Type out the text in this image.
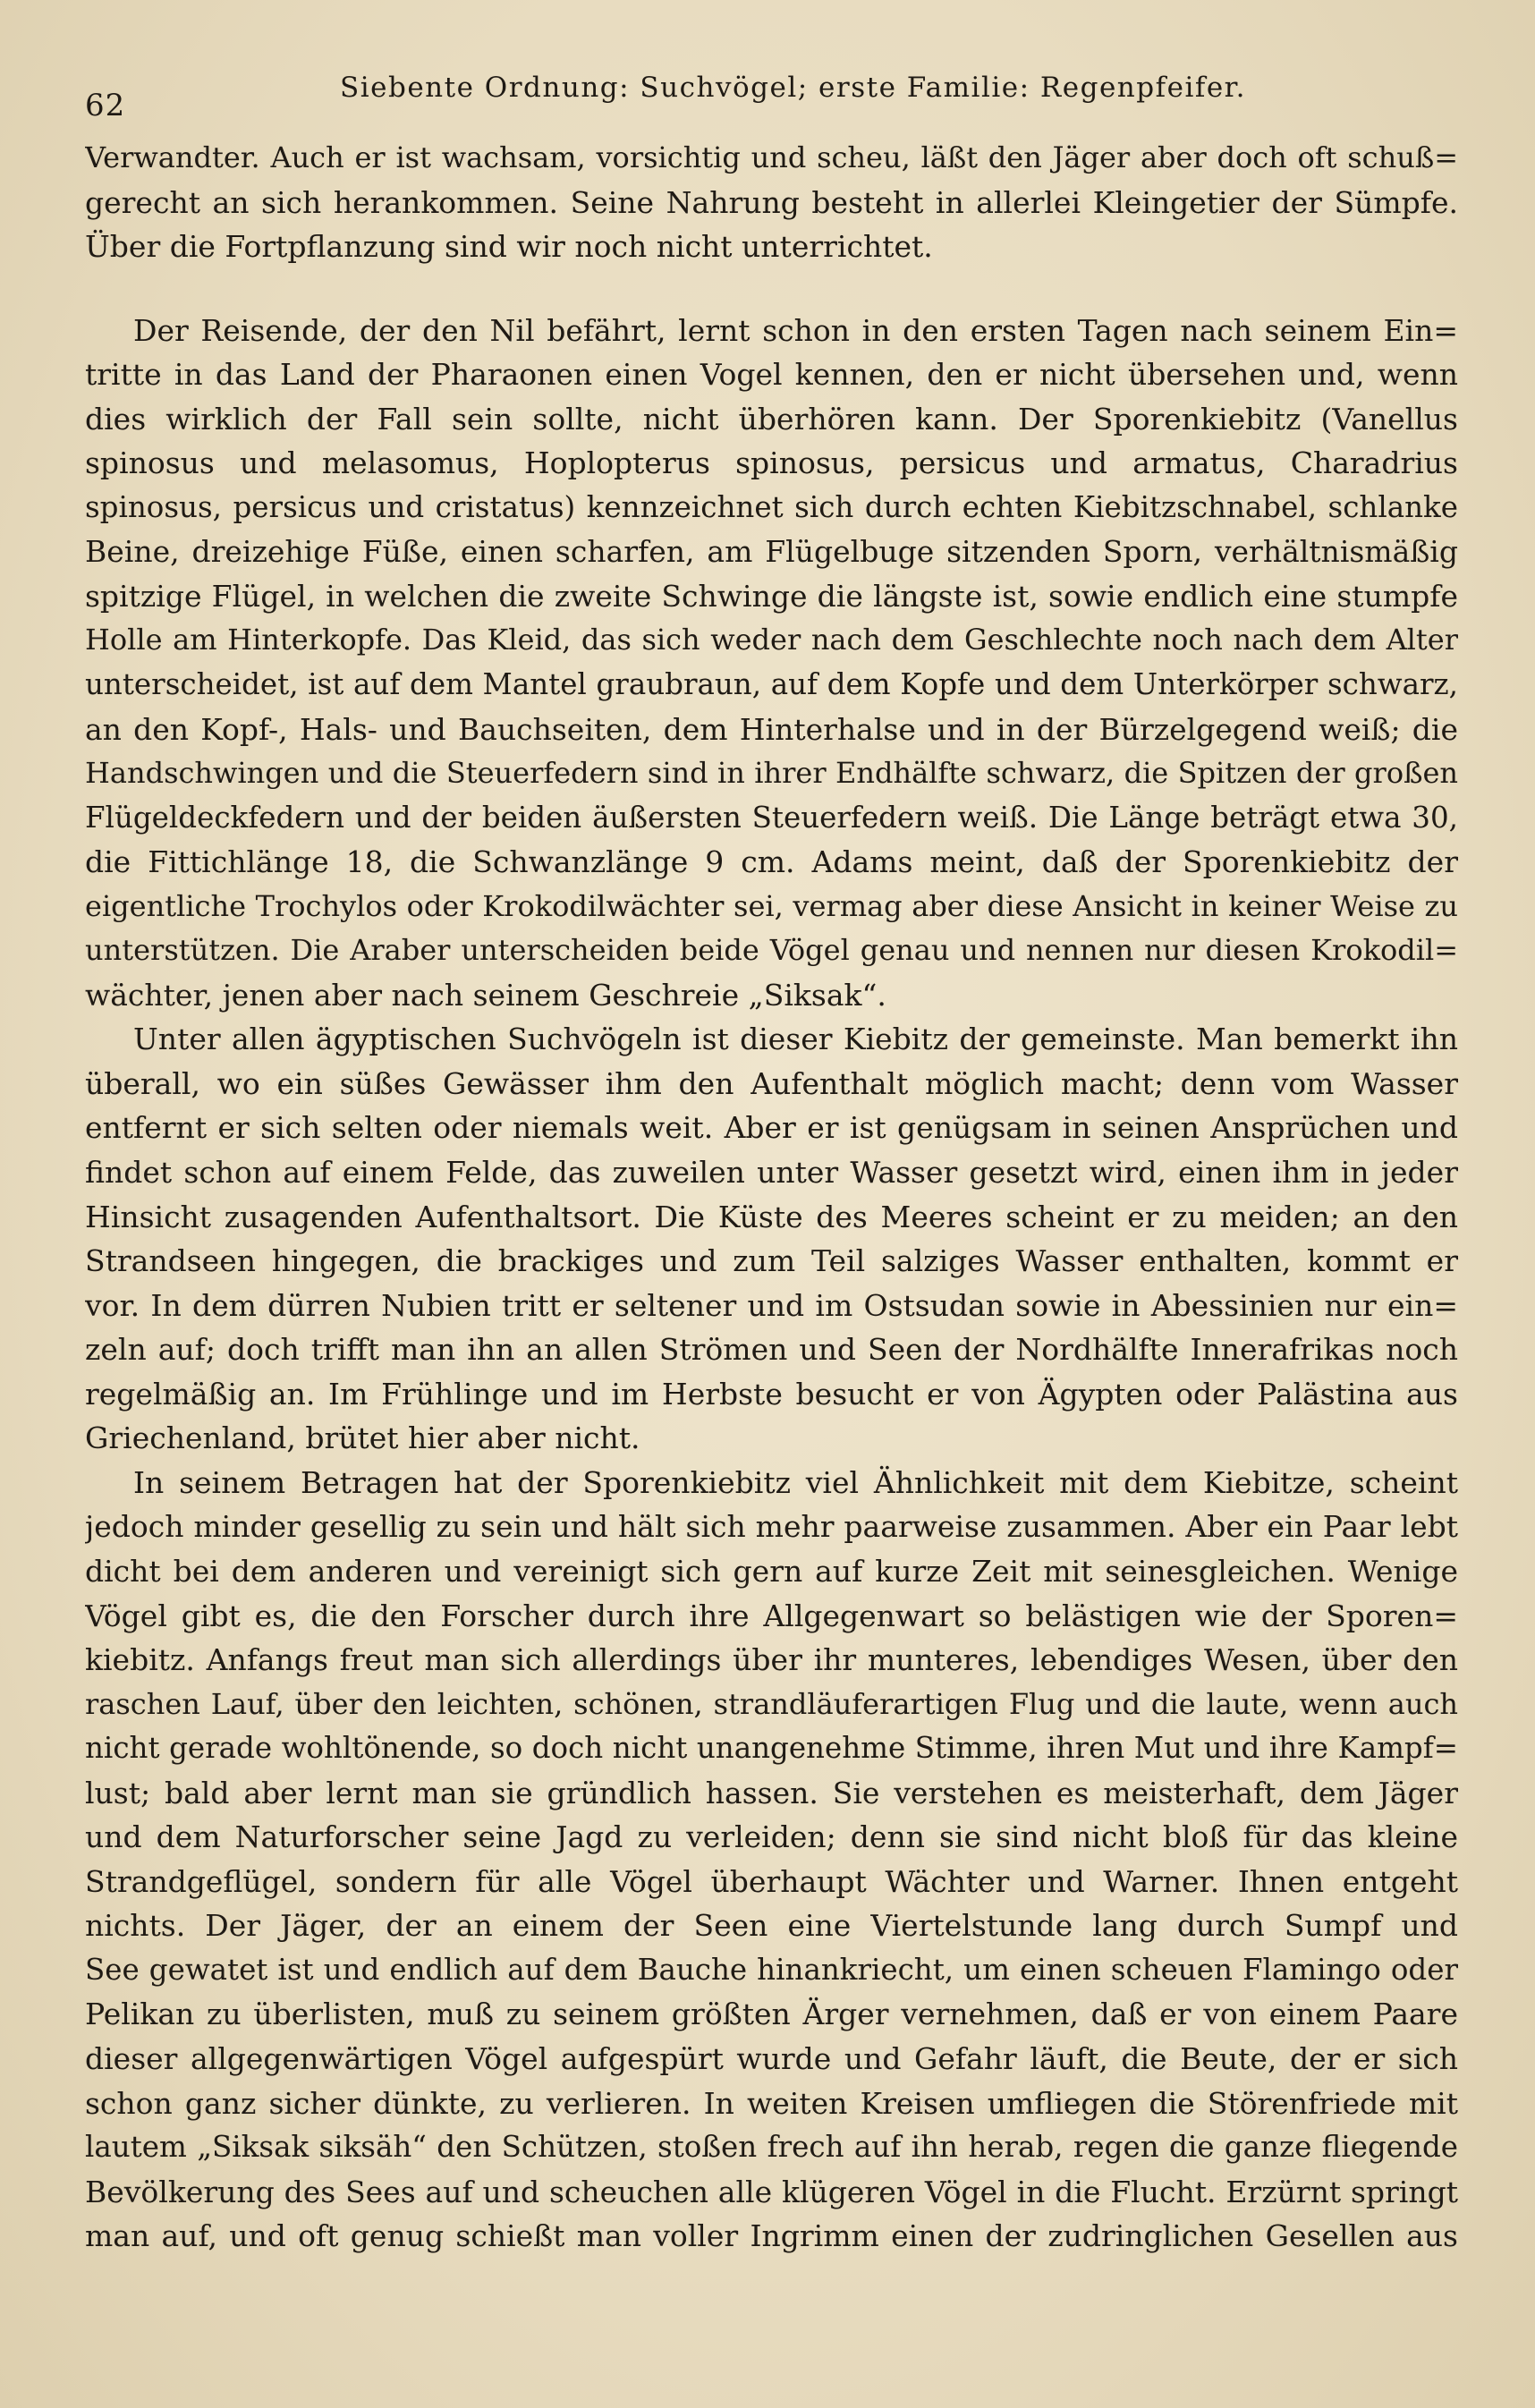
62	Siebente Ordnung: Suchvögel; erste Familie: Regenpfeifer.
Verwandter. Auch er ist wachsam, vorsichtig und scheu, läßt den Jäger aber doch oft schuß=
gerecht an sich herankommen. Seine Nahrung besteht in allerlei Kleingetier der Sümpfe.
Über die Fortpflanzung sind wir noch nicht unterrichtet.
Der Reisende, der den Nil befährt, lernt schon in den ersten Tagen nach seinem Ein=
tritte in das Land der Pharaonen einen Vogel kennen, den er nicht übersehen und, wenn
dies wirklich der Fall sein sollte, nicht überhören kann. Der Sporenkiebitz (Vanellus
spinosus und melasomus, Hoplopterus spinosus, persicus und armatus, Charadrius
spinosus, persicus und cristatus) kennzeichnet sich durch echten Kiebitzschnabel, schlanke
Beine, dreizehige Füße, einen scharfen, am Flügelbuge sitzenden Sporn, verhältnismäßig
spitzige Flügel, in welchen die zweite Schwinge die längste ist, sowie endlich eine stumpfe
Holle am Hinterkopfe. Das Kleid, das sich weder nach dem Geschlechte noch nach dem Alter
unterscheidet, ist auf dem Mantel graubraun, auf dem Kopfe und dem Unterkörper schwarz,
an den Kopf-, Hals- und Bauchseiten, dem Hinterhalse und in der Bürzelgegend weiß; die
Handschwingen und die Steuerfedern sind in ihrer Endhälfte schwarz, die Spitzen der großen
Flügeldeckfedern und der beiden äußersten Steuerfedern weiß. Die Länge beträgt etwa 30,
die Fittichlänge 18, die Schwanzlänge 9 cm. Adams meint, daß der Sporenkiebitz der
eigentliche Trochylos oder Krokodilwächter sei, vermag aber diese Ansicht in keiner Weise zu
unterstützen. Die Araber unterscheiden beide Vögel genau und nennen nur diesen Krokodil=
wächter, jenen aber nach seinem Geschreie „Siksak“.
Unter allen ägyptischen Suchvögeln ist dieser Kiebitz der gemeinste. Man bemerkt ihn
überall, wo ein süßes Gewässer ihm den Aufenthalt möglich macht; denn vom Wasser
entfernt er sich selten oder niemals weit. Aber er ist genügsam in seinen Ansprüchen und
findet schon auf einem Felde, das zuweilen unter Wasser gesetzt wird, einen ihm in jeder
Hinsicht zusagenden Aufenthaltsort. Die Küste des Meeres scheint er zu meiden; an den
Strandseen hingegen, die brackiges und zum Teil salziges Wasser enthalten, kommt er
vor. In dem dürren Nubien tritt er seltener und im Ostsudan sowie in Abessinien nur ein=
zeln auf; doch trifft man ihn an allen Strömen und Seen der Nordhälfte Innerafrikas noch
regelmäßig an. Im Frühlinge und im Herbste besucht er von Ägypten oder Palästina aus
Griechenland, brütet hier aber nicht.
In seinem Betragen hat der Sporenkiebitz viel Ähnlichkeit mit dem Kiebitze, scheint
jedoch minder gesellig zu sein und hält sich mehr paarweise zusammen. Aber ein Paar lebt
dicht bei dem anderen und vereinigt sich gern auf kurze Zeit mit seinesgleichen. Wenige
Vögel gibt es, die den Forscher durch ihre Allgegenwart so belästigen wie der Sporen=
kiebitz. Anfangs freut man sich allerdings über ihr munteres, lebendiges Wesen, über den
raschen Lauf, über den leichten, schönen, strandläuferartigen Flug und die laute, wenn auch
nicht gerade wohltönende, so doch nicht unangenehme Stimme, ihren Mut und ihre Kampf=
lust; bald aber lernt man sie gründlich hassen. Sie verstehen es meisterhaft, dem Jäger
und dem Naturforscher seine Jagd zu verleiden; denn sie sind nicht bloß für das kleine
Strandgeflügel, sondern für alle Vögel überhaupt Wächter und Warner. Ihnen entgeht
nichts. Der Jäger, der an einem der Seen eine Viertelstunde lang durch Sumpf und
See gewatet ist und endlich auf dem Bauche hinankriecht, um einen scheuen Flamingo oder
Pelikan zu überlisten, muß zu seinem größten Ärger vernehmen, daß er von einem Paare
dieser allgegenwärtigen Vögel aufgespürt wurde und Gefahr läuft, die Beute, der er sich
schon ganz sicher dünkte, zu verlieren. In weiten Kreisen umfliegen die Störenfriede mit
lautem „Siksak siksäh“ den Schützen, stoßen frech auf ihn herab, regen die ganze fliegende
Bevölkerung des Sees auf und scheuchen alle klügeren Vögel in die Flucht. Erzürnt springt
man auf, und oft genug schießt man voller Ingrimm einen der zudringlichen Gesellen aus
